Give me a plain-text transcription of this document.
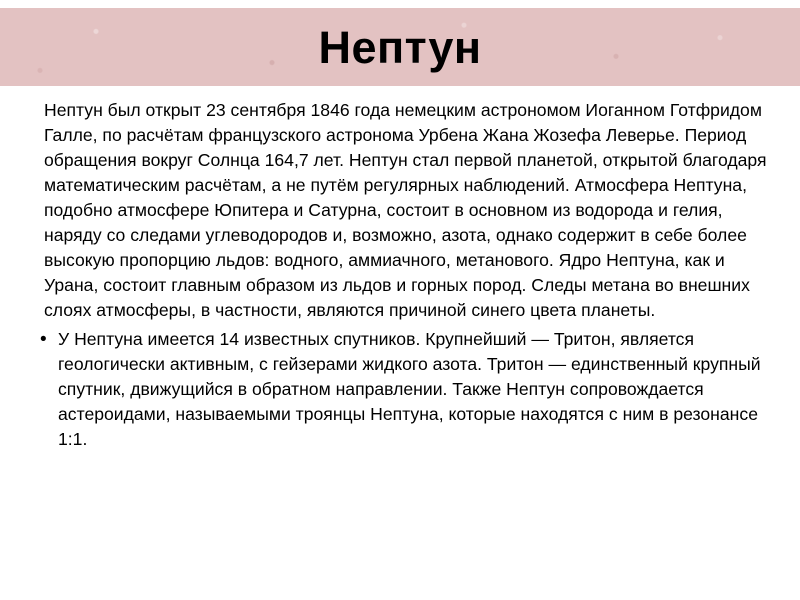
Нептун

Нептун был открыт 23 сентября 1846 года немецким астрономом Иоганном Готфридом Галле, по расчётам французского астронома Урбена Жана Жозефа Леверье. Период обращения вокруг Солнца 164,7 лет. Нептун стал первой планетой, открытой благодаря математическим расчётам, а не путём регулярных наблюдений. Атмосфера Нептуна, подобно атмосфере Юпитера и Сатурна, состоит в основном из водорода и гелия, наряду со следами углеводородов и, возможно, азота, однако содержит в себе более высокую пропорцию льдов: водного, аммиачного, метанового. Ядро Нептуна, как и Урана, состоит главным образом из льдов и горных пород. Следы метана во внешних слоях атмосферы, в частности, являются причиной синего цвета планеты.

• У Нептуна имеется 14 известных спутников. Крупнейший — Тритон, является геологически активным, с гейзерами жидкого азота. Тритон — единственный крупный спутник, движущийся в обратном направлении. Также Нептун сопровождается астероидами, называемыми троянцы Нептуна, которые находятся с ним в резонансе 1:1.
